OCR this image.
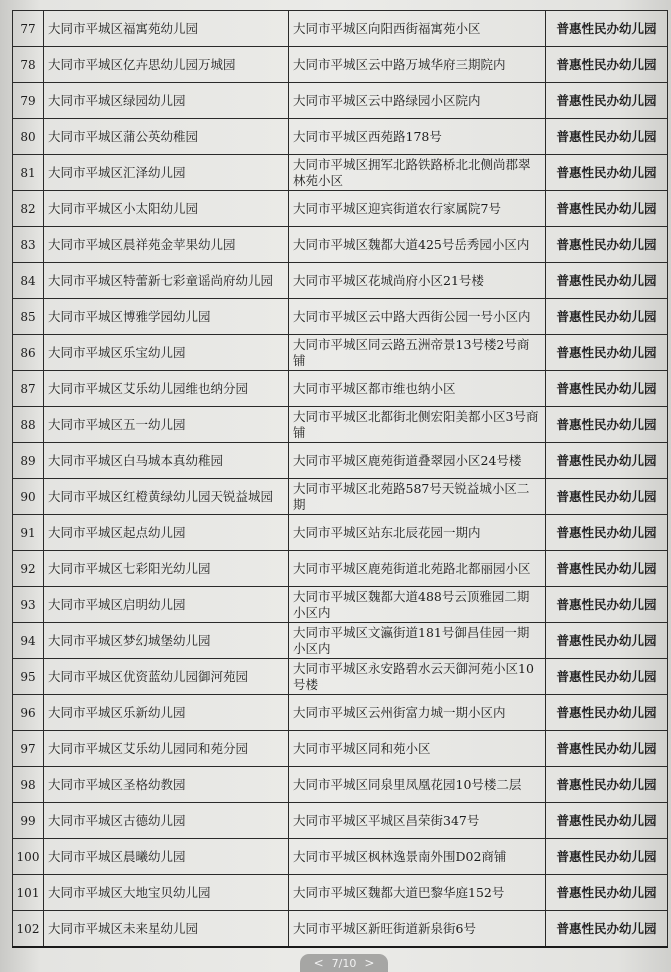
77	大同市平城区福寓苑幼儿园	大同市平城区向阳西街福寓苑小区	普惠性民办幼儿园
78	大同市平城区亿卉思幼儿园万城园	大同市平城区云中路万城华府三期院内	普惠性民办幼儿园
79	大同市平城区绿园幼儿园	大同市平城区云中路绿园小区院内	普惠性民办幼儿园
80	大同市平城区蒲公英幼稚园	大同市平城区西苑路178号	普惠性民办幼儿园
81	大同市平城区汇泽幼儿园	大同市平城区拥军北路铁路桥北北侧尚郡翠林苑小区	普惠性民办幼儿园
82	大同市平城区小太阳幼儿园	大同市平城区迎宾街道农行家属院7号	普惠性民办幼儿园
83	大同市平城区晨祥苑金苹果幼儿园	大同市平城区魏都大道425号岳秀园小区内	普惠性民办幼儿园
84	大同市平城区特蕾新七彩童谣尚府幼儿园	大同市平城区花城尚府小区21号楼	普惠性民办幼儿园
85	大同市平城区博雅学园幼儿园	大同市平城区云中路大西街公园一号小区内	普惠性民办幼儿园
86	大同市平城区乐宝幼儿园	大同市平城区同云路五洲帝景13号楼2号商铺	普惠性民办幼儿园
87	大同市平城区艾乐幼儿园维也纳分园	大同市平城区都市维也纳小区	普惠性民办幼儿园
88	大同市平城区五一幼儿园	大同市平城区北都街北侧宏阳美都小区3号商铺	普惠性民办幼儿园
89	大同市平城区白马城本真幼稚园	大同市平城区鹿苑街道叠翠园小区24号楼	普惠性民办幼儿园
90	大同市平城区红橙黄绿幼儿园天锐益城园	大同市平城区北苑路587号天锐益城小区二期	普惠性民办幼儿园
91	大同市平城区起点幼儿园	大同市平城区站东北辰花园一期内	普惠性民办幼儿园
92	大同市平城区七彩阳光幼儿园	大同市平城区鹿苑街道北苑路北都丽园小区	普惠性民办幼儿园
93	大同市平城区启明幼儿园	大同市平城区魏都大道488号云顶雅园二期小区内	普惠性民办幼儿园
94	大同市平城区梦幻城堡幼儿园	大同市平城区文瀛街道181号御昌佳园一期小区内	普惠性民办幼儿园
95	大同市平城区优资蓝幼儿园御河苑园	大同市平城区永安路碧水云天御河苑小区10号楼	普惠性民办幼儿园
96	大同市平城区乐新幼儿园	大同市平城区云州街富力城一期小区内	普惠性民办幼儿园
97	大同市平城区艾乐幼儿园同和苑分园	大同市平城区同和苑小区	普惠性民办幼儿园
98	大同市平城区圣格幼教园	大同市平城区同泉里凤凰花园10号楼二层	普惠性民办幼儿园
99	大同市平城区古德幼儿园	大同市平城区平城区昌荣街347号	普惠性民办幼儿园
100	大同市平城区晨曦幼儿园	大同市平城区枫林逸景南外围D02商铺	普惠性民办幼儿园
101	大同市平城区大地宝贝幼儿园	大同市平城区魏都大道巴黎华庭152号	普惠性民办幼儿园
102	大同市平城区未来星幼儿园	大同市平城区新旺街道新泉街6号	普惠性民办幼儿园
< 7/10 >
